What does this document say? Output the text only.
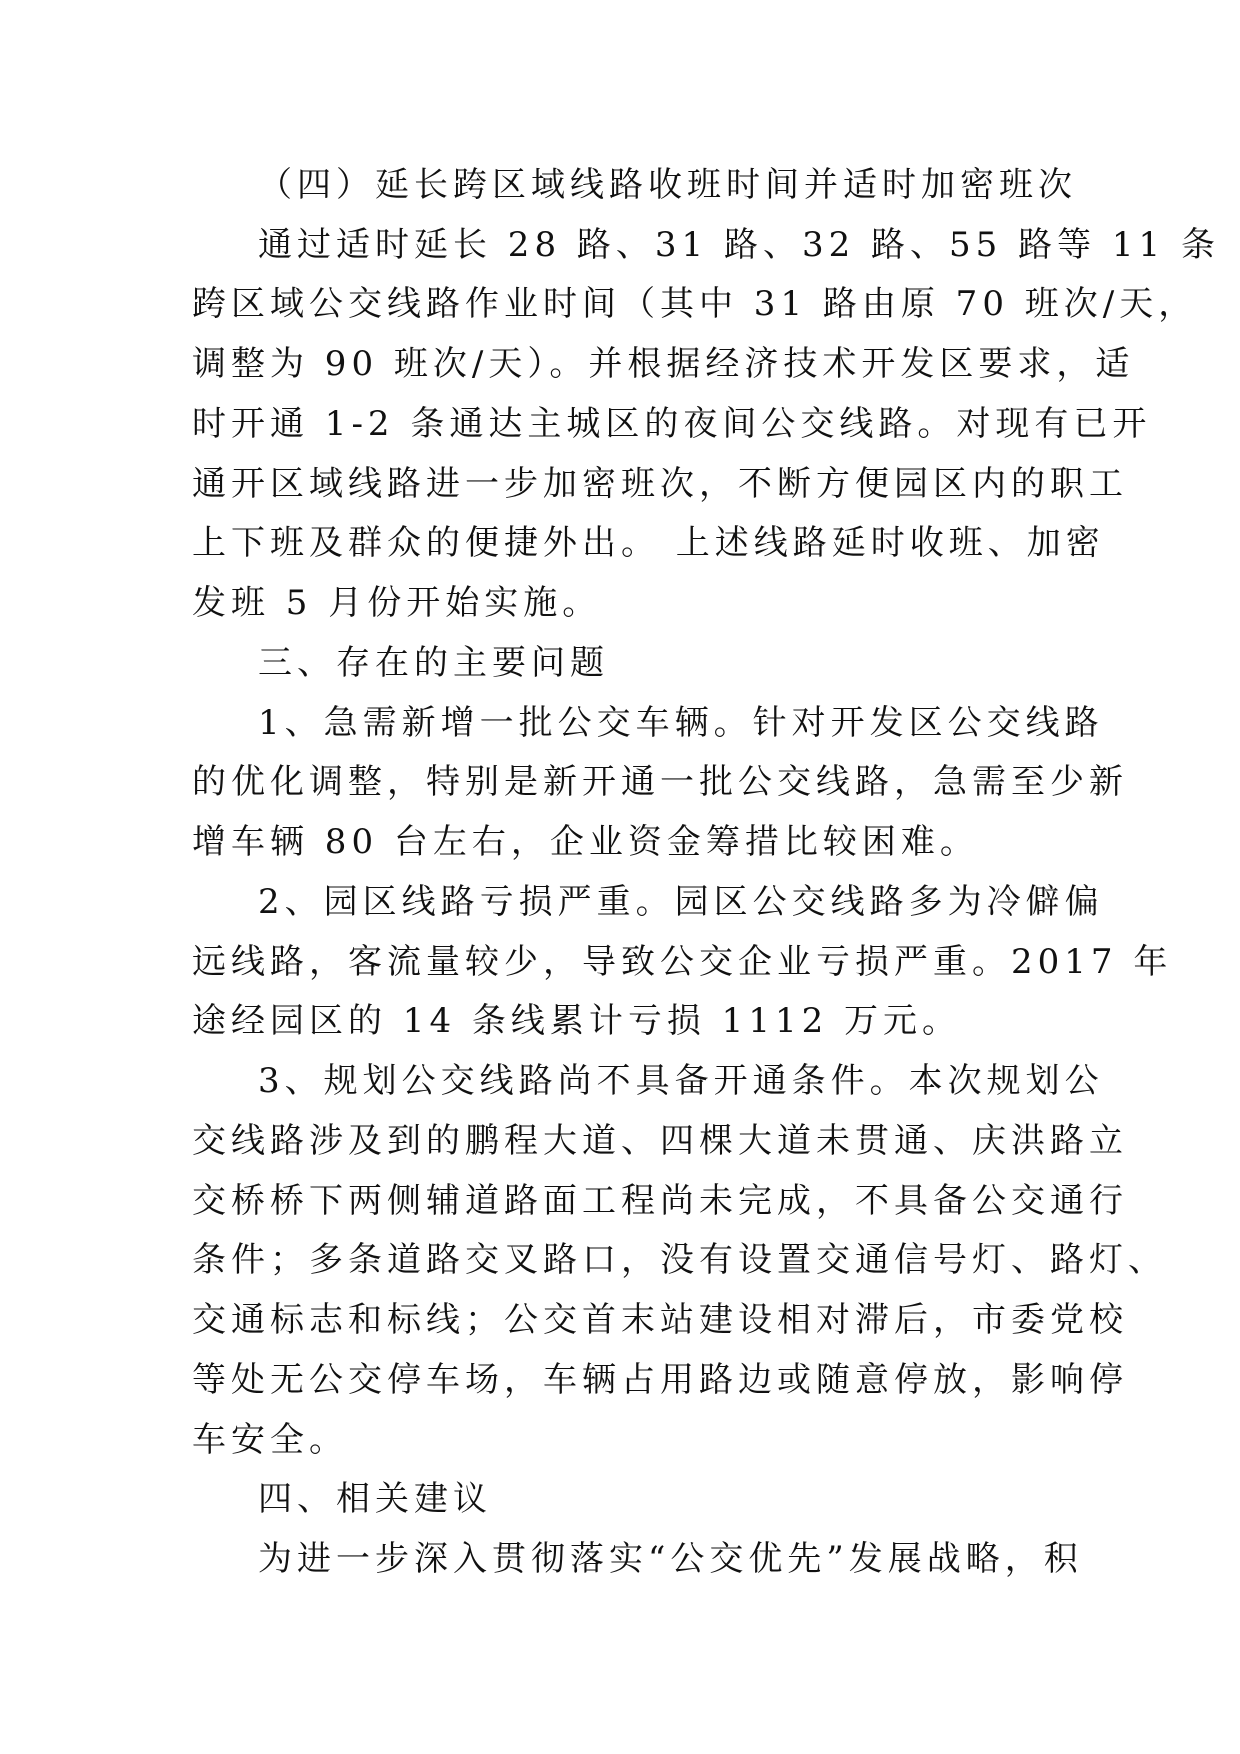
（四）延长跨区域线路收班时间并适时加密班次
通过适时延长 28 路、31 路、32 路、55 路等 11 条
跨区域公交线路作业时间（其中 31 路由原 70 班次/天，
调整为 90 班次/天）。并根据经济技术开发区要求，适
时开通 1-2 条通达主城区的夜间公交线路。对现有已开
通开区域线路进一步加密班次，不断方便园区内的职工
上下班及群众的便捷外出。 上述线路延时收班、加密
发班 5 月份开始实施。
三、存在的主要问题
1、急需新增一批公交车辆。针对开发区公交线路
的优化调整，特别是新开通一批公交线路，急需至少新
增车辆 80 台左右，企业资金筹措比较困难。
2、园区线路亏损严重。园区公交线路多为冷僻偏
远线路，客流量较少，导致公交企业亏损严重。2017 年
途经园区的 14 条线累计亏损 1112 万元。
3、规划公交线路尚不具备开通条件。本次规划公
交线路涉及到的鹏程大道、四棵大道未贯通、庆洪路立
交桥桥下两侧辅道路面工程尚未完成，不具备公交通行
条件；多条道路交叉路口，没有设置交通信号灯、路灯、
交通标志和标线；公交首末站建设相对滞后，市委党校
等处无公交停车场，车辆占用路边或随意停放，影响停
车安全。
四、相关建议
为进一步深入贯彻落实“公交优先”发展战略，积
